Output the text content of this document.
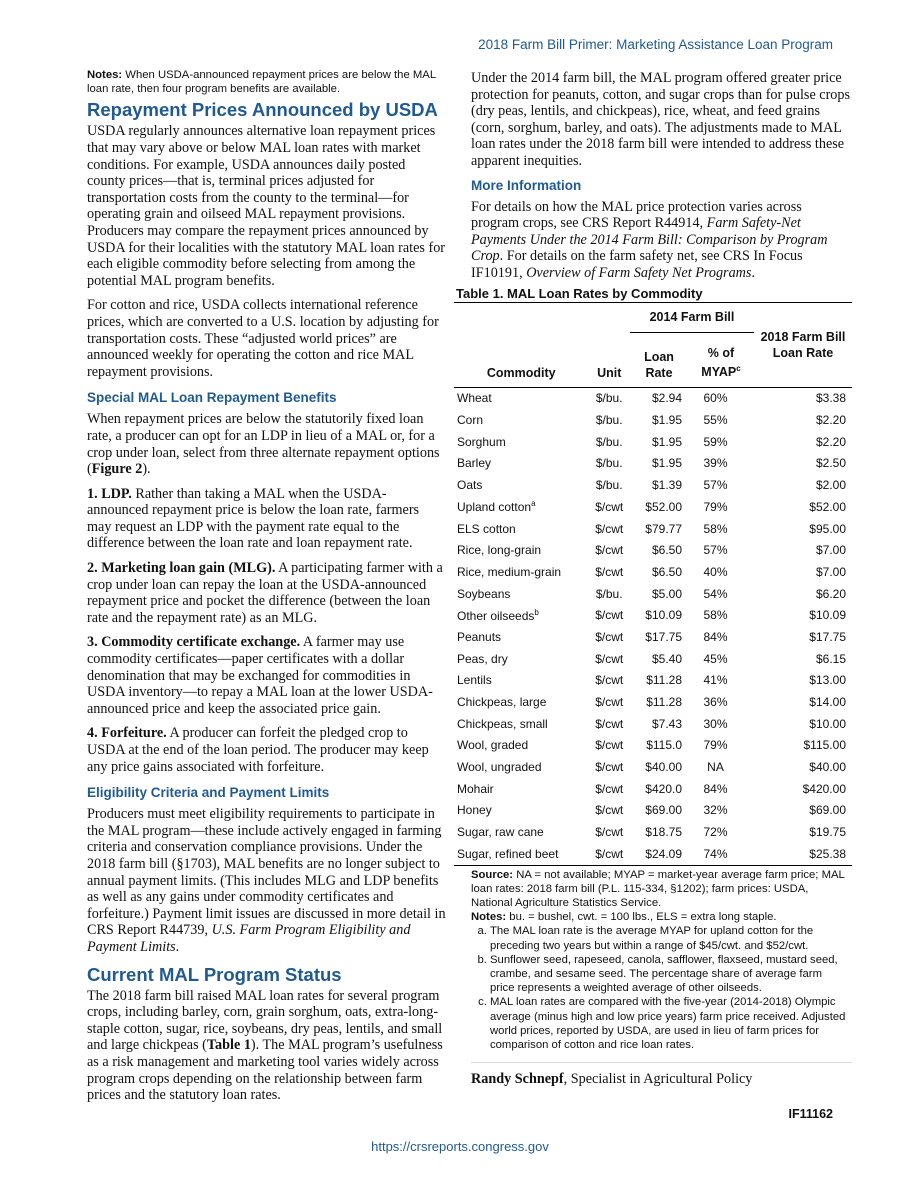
2018 Farm Bill Primer: Marketing Assistance Loan Program
Notes: When USDA-announced repayment prices are below the MAL loan rate, then four program benefits are available.
Repayment Prices Announced by USDA

USDA regularly announces alternative loan repayment prices that may vary above or below MAL loan rates with market conditions. For example, USDA announces daily posted county prices—that is, terminal prices adjusted for transportation costs from the county to the terminal—for operating grain and oilseed MAL repayment provisions. Producers may compare the repayment prices announced by USDA for their localities with the statutory MAL loan rates for each eligible commodity before selecting from among the potential MAL program benefits.

For cotton and rice, USDA collects international reference prices, which are converted to a U.S. location by adjusting for transportation costs. These “adjusted world prices” are announced weekly for operating the cotton and rice MAL repayment provisions.

Special MAL Loan Repayment Benefits

When repayment prices are below the statutorily fixed loan rate, a producer can opt for an LDP in lieu of a MAL or, for a crop under loan, select from three alternate repayment options (Figure 2).

1. LDP. Rather than taking a MAL when the USDA-announced repayment price is below the loan rate, farmers may request an LDP with the payment rate equal to the difference between the loan rate and loan repayment rate.

2. Marketing loan gain (MLG). A participating farmer with a crop under loan can repay the loan at the USDA-announced repayment price and pocket the difference (between the loan rate and the repayment rate) as an MLG.

3. Commodity certificate exchange. A farmer may use commodity certificates—paper certificates with a dollar denomination that may be exchanged for commodities in USDA inventory—to repay a MAL loan at the lower USDA-announced price and keep the associated price gain.

4. Forfeiture. A producer can forfeit the pledged crop to USDA at the end of the loan period. The producer may keep any price gains associated with forfeiture.

Eligibility Criteria and Payment Limits

Producers must meet eligibility requirements to participate in the MAL program—these include actively engaged in farming criteria and conservation compliance provisions. Under the 2018 farm bill (§1703), MAL benefits are no longer subject to annual payment limits. (This includes MLG and LDP benefits as well as any gains under commodity certificates and forfeiture.) Payment limit issues are discussed in more detail in CRS Report R44739, U.S. Farm Program Eligibility and Payment Limits.

Current MAL Program Status

The 2018 farm bill raised MAL loan rates for several program crops, including barley, corn, grain sorghum, oats, extra-long-staple cotton, sugar, rice, soybeans, dry peas, lentils, and small and large chickpeas (Table 1). The MAL program’s usefulness as a risk management and marketing tool varies widely across program crops depending on the relationship between farm prices and the statutory loan rates.

Under the 2014 farm bill, the MAL program offered greater price protection for peanuts, cotton, and sugar crops than for pulse crops (dry peas, lentils, and chickpeas), rice, wheat, and feed grains (corn, sorghum, barley, and oats). The adjustments made to MAL loan rates under the 2018 farm bill were intended to address these apparent inequities.

More Information

For details on how the MAL price protection varies across program crops, see CRS Report R44914, Farm Safety-Net Payments Under the 2014 Farm Bill: Comparison by Program Crop. For details on the farm safety net, see CRS In Focus IF10191, Overview of Farm Safety Net Programs.

Table 1. MAL Loan Rates by Commodity
		2014 Farm Bill		2018 Farm Bill Loan Rate
Commodity	Unit	Loan Rate	% of MYAP$^c$
Wheat	$/bu.	$2.94	60%	$3.38
Corn	$/bu.	$1.95	55%	$2.20
Sorghum	$/bu.	$1.95	59%	$2.20
Barley	$/bu.	$1.95	39%	$2.50
Oats	$/bu.	$1.39	57%	$2.00
Upland cotton$^a$	$/cwt	$52.00	79%	$52.00
ELS cotton	$/cwt	$79.77	58%	$95.00
Rice, long-grain	$/cwt	$6.50	57%	$7.00
Rice, medium-grain	$/cwt	$6.50	40%	$7.00
Soybeans	$/bu.	$5.00	54%	$6.20
Other oilseeds$^b$	$/cwt	$10.09	58%	$10.09
Peanuts	$/cwt	$17.75	84%	$17.75
Peas, dry	$/cwt	$5.40	45%	$6.15
Lentils	$/cwt	$11.28	41%	$13.00
Chickpeas, large	$/cwt	$11.28	36%	$14.00
Chickpeas, small	$/cwt	$7.43	30%	$10.00
Wool, graded	$/cwt	$115.0	79%	$115.00
Wool, ungraded	$/cwt	$40.00	NA	$40.00
Mohair	$/cwt	$420.0	84%	$420.00
Honey	$/cwt	$69.00	32%	$69.00
Sugar, raw cane	$/cwt	$18.75	72%	$19.75
Sugar, refined beet	$/cwt	$24.09	74%	$25.38
Source: NA = not available; MYAP = market-year average farm price; MAL loan rates: 2018 farm bill (P.L. 115-334, §1202); farm prices: USDA, National Agriculture Statistics Service.
Notes: bu. = bushel, cwt. = 100 lbs., ELS = extra long staple.
a. The MAL loan rate is the average MYAP for upland cotton for the preceding two years but within a range of $45/cwt. and $52/cwt.
b. Sunflower seed, rapeseed, canola, safflower, flaxseed, mustard seed, crambe, and sesame seed. The percentage share of average farm price represents a weighted average of other oilseeds.
c. MAL loan rates are compared with the five-year (2014-2018) Olympic average (minus high and low price years) farm price received. Adjusted world prices, reported by USDA, are used in lieu of farm prices for comparison of cotton and rice loan rates.
Randy Schnepf, Specialist in Agricultural Policy
IF11162
https://crsreports.congress.gov
